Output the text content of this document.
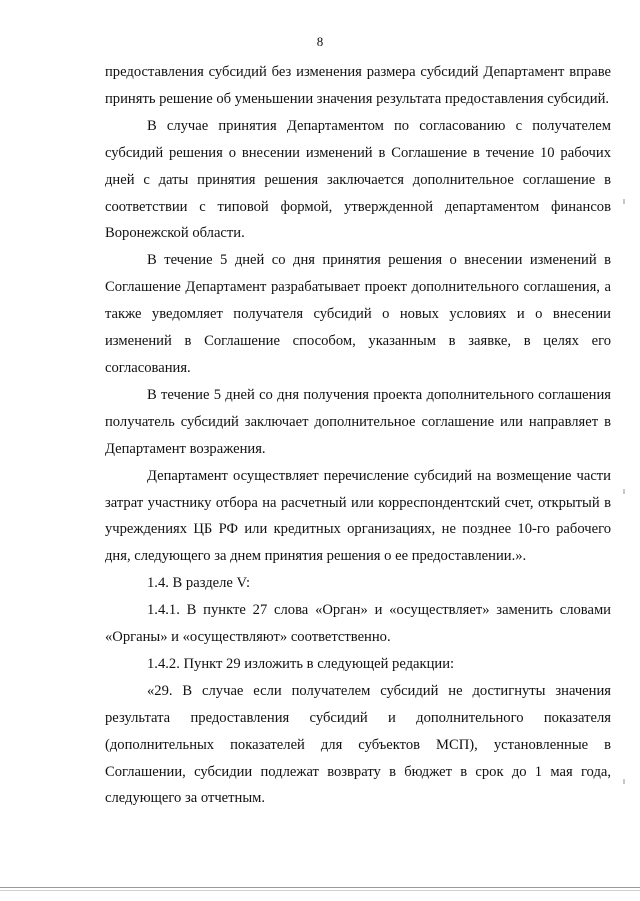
8

предоставления субсидий без изменения размера субсидий Департамент вправе принять решение об уменьшении значения результата предоставления субсидий.

В случае принятия Департаментом по согласованию с получателем субсидий решения о внесении изменений в Соглашение в течение 10 рабочих дней с даты принятия решения заключается дополнительное соглашение в соответствии с типовой формой, утвержденной департаментом финансов Воронежской области.

В течение 5 дней со дня принятия решения о внесении изменений в Соглашение Департамент разрабатывает проект дополнительного соглашения, а также уведомляет получателя субсидий о новых условиях и о внесении изменений в Соглашение способом, указанным в заявке, в целях его согласования.

В течение 5 дней со дня получения проекта дополнительного соглашения получатель субсидий заключает дополнительное соглашение или направляет в Департамент возражения.

Департамент осуществляет перечисление субсидий на возмещение части затрат участнику отбора на расчетный или корреспондентский счет, открытый в учреждениях ЦБ РФ или кредитных организациях, не позднее 10-го рабочего дня, следующего за днем принятия решения о ее предоставлении.».

1.4. В разделе V:

1.4.1. В пункте 27 слова «Орган» и «осуществляет» заменить словами «Органы» и «осуществляют» соответственно.

1.4.2. Пункт 29 изложить в следующей редакции:

«29. В случае если получателем субсидий не достигнуты значения результата предоставления субсидий и дополнительного показателя (дополнительных показателей для субъектов МСП), установленные в Соглашении, субсидии подлежат возврату в бюджет в срок до 1 мая года, следующего за отчетным.
